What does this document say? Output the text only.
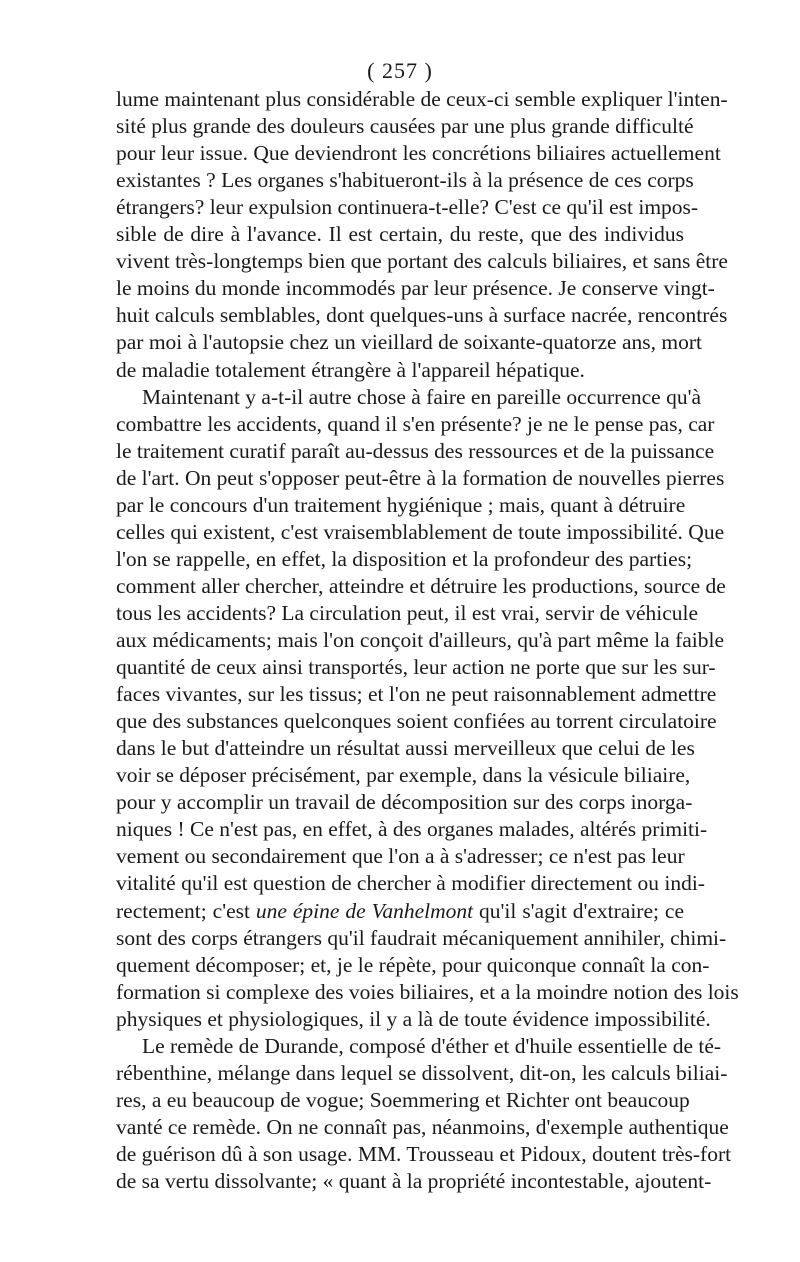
( 257 )
lume maintenant plus considérable de ceux-ci semble expliquer l'inten-
sité plus grande des douleurs causées par une plus grande difficulté
pour leur issue. Que deviendront les concrétions biliaires actuellement
existantes ? Les organes s'habitueront-ils à la présence de ces corps
étrangers? leur expulsion continuera-t-elle? C'est ce qu'il est impos-
sible de dire à l'avance. Il est certain, du reste, que des individus
vivent très-longtemps bien que portant des calculs biliaires, et sans être
le moins du monde incommodés par leur présence. Je conserve vingt-
huit calculs semblables, dont quelques-uns à surface nacrée, rencontrés
par moi à l'autopsie chez un vieillard de soixante-quatorze ans, mort
de maladie totalement étrangère à l'appareil hépatique.
Maintenant y a-t-il autre chose à faire en pareille occurrence qu'à
combattre les accidents, quand il s'en présente? je ne le pense pas, car
le traitement curatif paraît au-dessus des ressources et de la puissance
de l'art. On peut s'opposer peut-être à la formation de nouvelles pierres
par le concours d'un traitement hygiénique ; mais, quant à détruire
celles qui existent, c'est vraisemblablement de toute impossibilité. Que
l'on se rappelle, en effet, la disposition et la profondeur des parties;
comment aller chercher, atteindre et détruire les productions, source de
tous les accidents? La circulation peut, il est vrai, servir de véhicule
aux médicaments; mais l'on conçoit d'ailleurs, qu'à part même la faible
quantité de ceux ainsi transportés, leur action ne porte que sur les sur-
faces vivantes, sur les tissus; et l'on ne peut raisonnablement admettre
que des substances quelconques soient confiées au torrent circulatoire
dans le but d'atteindre un résultat aussi merveilleux que celui de les
voir se déposer précisément, par exemple, dans la vésicule biliaire,
pour y accomplir un travail de décomposition sur des corps inorga-
niques ! Ce n'est pas, en effet, à des organes malades, altérés primiti-
vement ou secondairement que l'on a à s'adresser; ce n'est pas leur
vitalité qu'il est question de chercher à modifier directement ou indi-
rectement; c'est une épine de Vanhelmont qu'il s'agit d'extraire; ce
sont des corps étrangers qu'il faudrait mécaniquement annihiler, chimi-
quement décomposer; et, je le répète, pour quiconque connaît la con-
formation si complexe des voies biliaires, et a la moindre notion des lois
physiques et physiologiques, il y a là de toute évidence impossibilité.
Le remède de Durande, composé d'éther et d'huile essentielle de té-
rébenthine, mélange dans lequel se dissolvent, dit-on, les calculs biliai-
res, a eu beaucoup de vogue; Soemmering et Richter ont beaucoup
vanté ce remède. On ne connaît pas, néanmoins, d'exemple authentique
de guérison dû à son usage. MM. Trousseau et Pidoux, doutent très-fort
de sa vertu dissolvante; « quant à la propriété incontestable, ajoutent-
